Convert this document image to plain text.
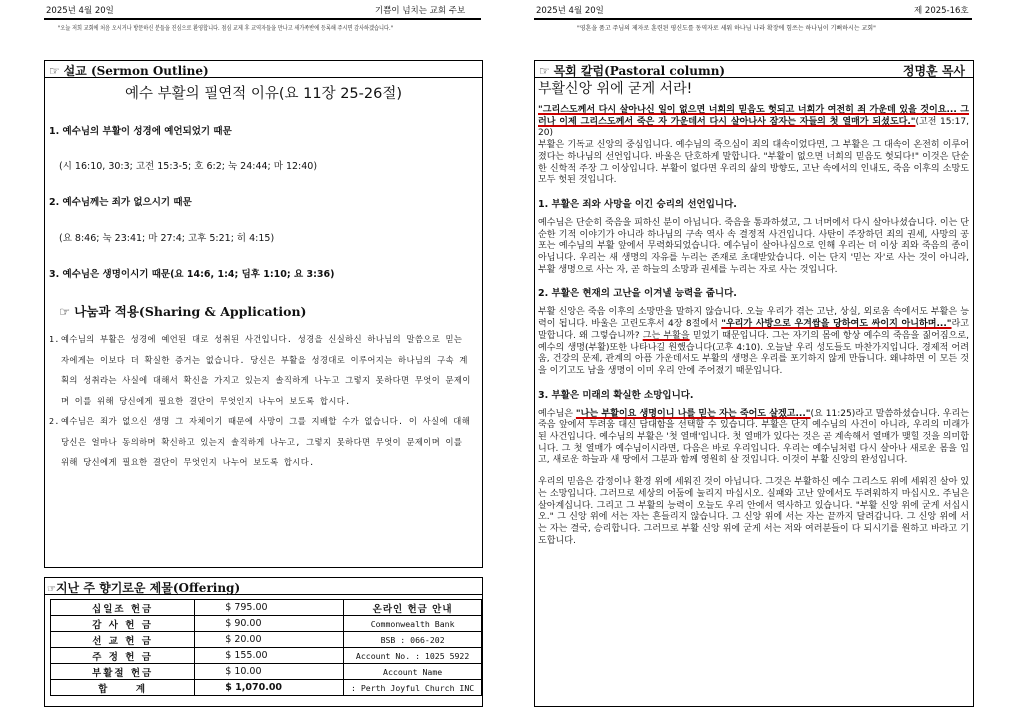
2025년 4월 20일	기쁨이 넘치는 교회 주보	2025년 4월 20일	제 2025-16호
"오늘 저희 교회에 처음 오시거나 방문하신 분들을 진심으로 환영합니다. 점심 교제 후 교역자들을 만나고 새가족반에 등록해 주시면 감사하겠습니다."	"영혼을 품고 주님의 제자로 훈련된 평신도를 동역자로 세워 하나님 나라 확장에 힘쓰는 하나님이 기뻐하시는 교회"
☞ 설교 (Sermon Outline)
예수 부활의 필연적 이유(요 11장 25-26절)
1. 예수님의 부활이 성경에 예언되었기 때문
(시 16:10, 30:3; 고전 15:3-5; 호 6:2; 눅 24:44; 마 12:40)
2. 예수님께는 죄가 없으시기 때문
(요 8:46; 눅 23:41; 마 27:4; 고후 5:21; 히 4:15)
3. 예수님은 생명이시기 때문(요 14:6, 1:4; 딤후 1:10; 요 3:36)
☞ 나눔과 적용(Sharing & Application)
1. 예수님의 부활은 성경에 예언된 대로 성취된 사건입니다. 성경을 신실하신 하나님의 말씀으로 믿는 자에게는 이보다 더 확실한 증거는 없습니다. 당신은 부활을 성경대로 이루어지는 하나님의 구속 계획의 성취라는 사실에 대해서 확신을 가지고 있는지 솔직하게 나누고 그렇지 못하다면 무엇이 문제이며 이를 위해 당신에게 필요한 결단이 무엇인지 나누어 보도록 합시다.
2. 예수님은 죄가 없으신 생명 그 자체이기 때문에 사망이 그를 지배할 수가 없습니다. 이 사실에 대해 당신은 얼마나 동의하며 확신하고 있는지 솔직하게 나누고, 그렇지 못하다면 무엇이 문제이며 이를 위해 당신에게 필요한 결단이 무엇인지 나누어 보도록 합시다.
☞지난 주 향기로운 제물(Offering)
십일조 헌금	$ 795.00	온라인 헌금 안내
감 사 헌 금	$ 90.00	Commonwealth Bank
선 교 헌 금	$ 20.00	BSB : 066-202
주 정 헌 금	$ 155.00	Account No. : 1025 5922
부활절 헌금	$ 10.00	Account Name
합     계	$ 1,070.00	: Perth Joyful Church INC
☞ 목회 칼럼(Pastoral column)	정명훈 목사
부활신앙 위에 굳게 서라!
"그리스도께서 다시 살아나신 일이 없으면 너희의 믿음도 헛되고 너희가 여전히 죄 가운데 있을 것이요... 그러나 이제 그리스도께서 죽은 자 가운데서 다시 살아나사 잠자는 자들의 첫 열매가 되셨도다."(고전 15:17, 20)
부활은 기독교 신앙의 중심입니다. 예수님의 죽으심이 죄의 대속이었다면, 그 부활은 그 대속이 온전히 이루어졌다는 하나님의 선언입니다. 바울은 단호하게 말합니다. "부활이 없으면 너희의 믿음도 헛되다!" 이것은 단순한 신학적 주장 그 이상입니다. 부활이 없다면 우리의 삶의 방향도, 고난 속에서의 인내도, 죽음 이후의 소망도 모두 헛된 것입니다.
1. 부활은 죄와 사망을 이긴 승리의 선언입니다.
예수님은 단순히 죽음을 피하신 분이 아닙니다. 죽음을 통과하셨고, 그 너머에서 다시 살아나셨습니다. 이는 단순한 기적 이야기가 아니라 하나님의 구속 역사 속 결정적 사건입니다. 사탄이 주장하던 죄의 권세, 사망의 공포는 예수님의 부활 앞에서 무력화되었습니다. 예수님이 살아나심으로 인해 우리는 더 이상 죄와 죽음의 종이 아닙니다. 우리는 새 생명의 자유를 누리는 존재로 초대받았습니다. 이는 단지 '믿는 자'로 사는 것이 아니라, 부활 생명으로 사는 자, 곧 하늘의 소망과 권세를 누리는 자로 사는 것입니다.
2. 부활은 현재의 고난을 이겨낼 능력을 줍니다.
부활 신앙은 죽음 이후의 소망만을 말하지 않습니다. 오늘 우리가 겪는 고난, 상실, 외로움 속에서도 부활은 능력이 됩니다. 바울은 고린도후서 4장 8절에서 "우리가 사방으로 우겨쌈을 당하여도 싸이지 아니하며..."라고 말합니다. 왜 그렇습니까? 그는 부활을 믿었기 때문입니다. 그는 자기의 몸에 항상 예수의 죽음을 짊어짐으로, 예수의 생명(부활)또한 나타나길 원했습니다(고후 4:10). 오늘날 우리 성도들도 마찬가지입니다. 경제적 어려움, 건강의 문제, 관계의 아픔 가운데서도 부활의 생명은 우리를 포기하지 않게 만듭니다. 왜냐하면 이 모든 것을 이기고도 남을 생명이 이미 우리 안에 주어졌기 때문입니다.
3. 부활은 미래의 확실한 소망입니다.
예수님은 "나는 부활이요 생명이니 나를 믿는 자는 죽어도 살겠고..."(요 11:25)라고 말씀하셨습니다. 우리는 죽음 앞에서 두려움 대신 담대함을 선택할 수 있습니다. 부활은 단지 예수님의 사건이 아니라, 우리의 미래가 된 사건입니다. 예수님의 부활은 '첫 열매'입니다. 첫 열매가 있다는 것은 곧 계속해서 열매가 맺힐 것을 의미합니다. 그 첫 열매가 예수님이시라면, 다음은 바로 우리입니다. 우리는 예수님처럼 다시 살아나 새로운 몸을 입고, 새로운 하늘과 새 땅에서 그분과 함께 영원히 살 것입니다. 이것이 부활 신앙의 완성입니다.
우리의 믿음은 감정이나 환경 위에 세워진 것이 아닙니다. 그것은 부활하신 예수 그리스도 위에 세워진 살아 있는 소망입니다. 그러므로 세상의 어둠에 눌리지 마십시오. 실패와 고난 앞에서도 두려워하지 마십시오. 주님은 살아계십니다. 그리고 그 부활의 능력이 오늘도 우리 안에서 역사하고 있습니다. "부활 신앙 위에 굳게 서십시오." 그 신앙 위에 서는 자는 흔들리지 않습니다. 그 신앙 위에 서는 자는 끝까지 달려갑니다. 그 신앙 위에 서는 자는 결국, 승리합니다. 그러므로 부활 신앙 위에 굳게 서는 저와 여러분들이 다 되시기를 원하고 바라고 기도합니다.
